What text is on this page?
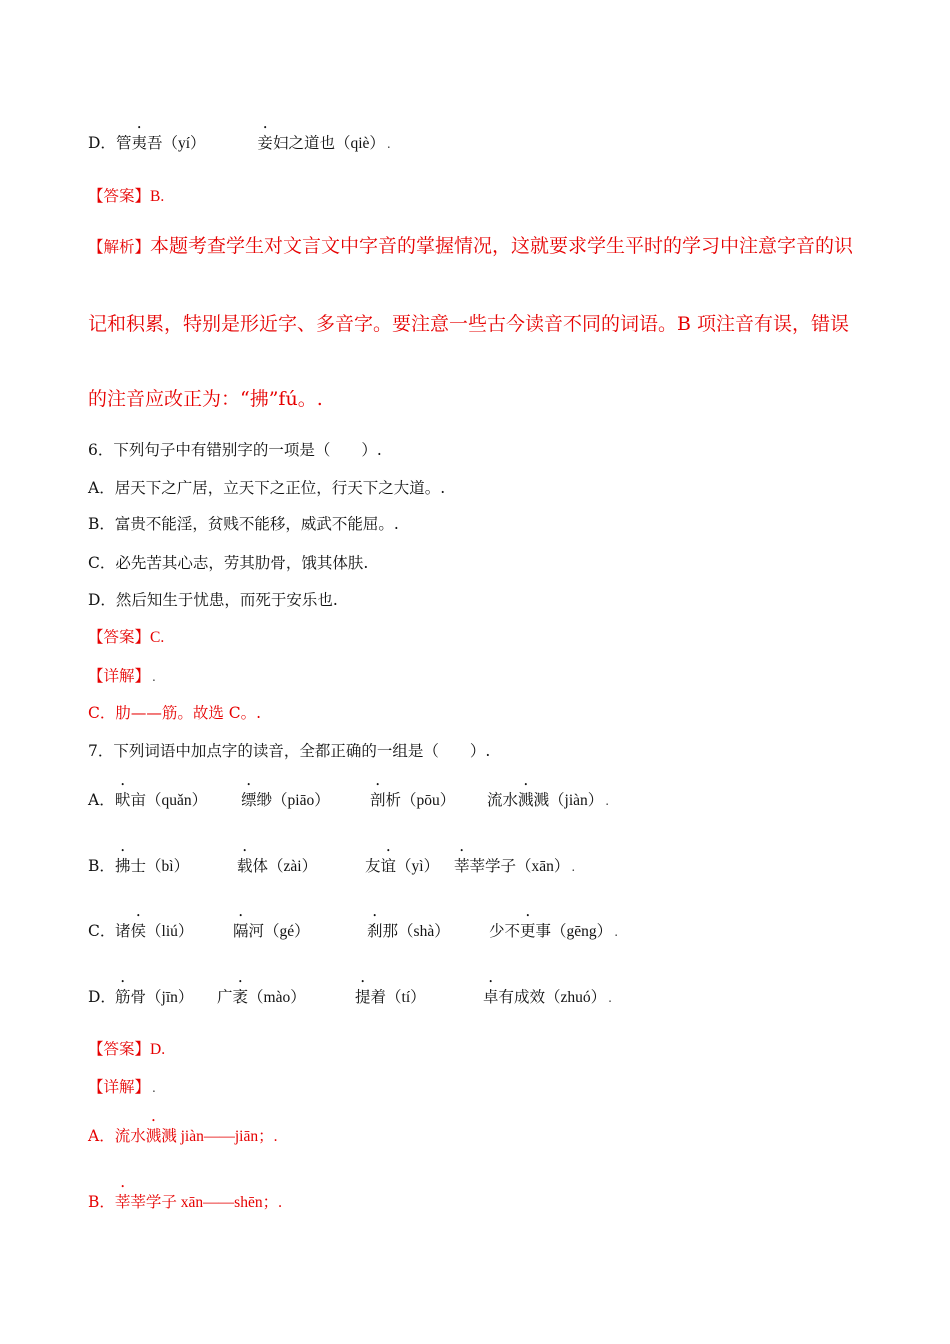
D．管夷吾（yí）	妾妇之道也（qiè） .
【答案】B.
【解析】本题考查学生对文言文中字音的掌握情况，这就要求学生平时的学习中注意字音的识
记和积累，特别是形近字、多音字。要注意一些古今读音不同的词语。B 项注音有误，错误
的注音应改正为：“拂”fú。.
6．下列句子中有错别字的一项是（　　）.
A．居天下之广居，立天下之正位，行天下之大道。.
B．富贵不能淫，贫贱不能移，威武不能屈。.
C．必先苦其心志，劳其肋骨，饿其体肤.
D．然后知生于忧患，而死于安乐也.
【答案】C.
【详解】 .
C．肋——筋。故选 C。.
7．下列词语中加点字的读音，全都正确的一组是（　　）.
A． 畎亩（quǎn） 缥缈（piāo）	剖析（pōu） 流水溅溅（jiàn） .
B． 拂士（bì）	载体（zài）	友谊（yì） 莘莘学子（xān） .
C． 诸侯（liú）	隔河（gé）	刹那（shà）	少不更事（gēng） .
D． 筋骨（jīn） 广袤（mào）	提着（tí）	卓有成效（zhuó） .
【答案】D.
【详解】 .
A．流水溅溅 jiàn——jiān；.
B．莘莘学子 xān——shēn；.
